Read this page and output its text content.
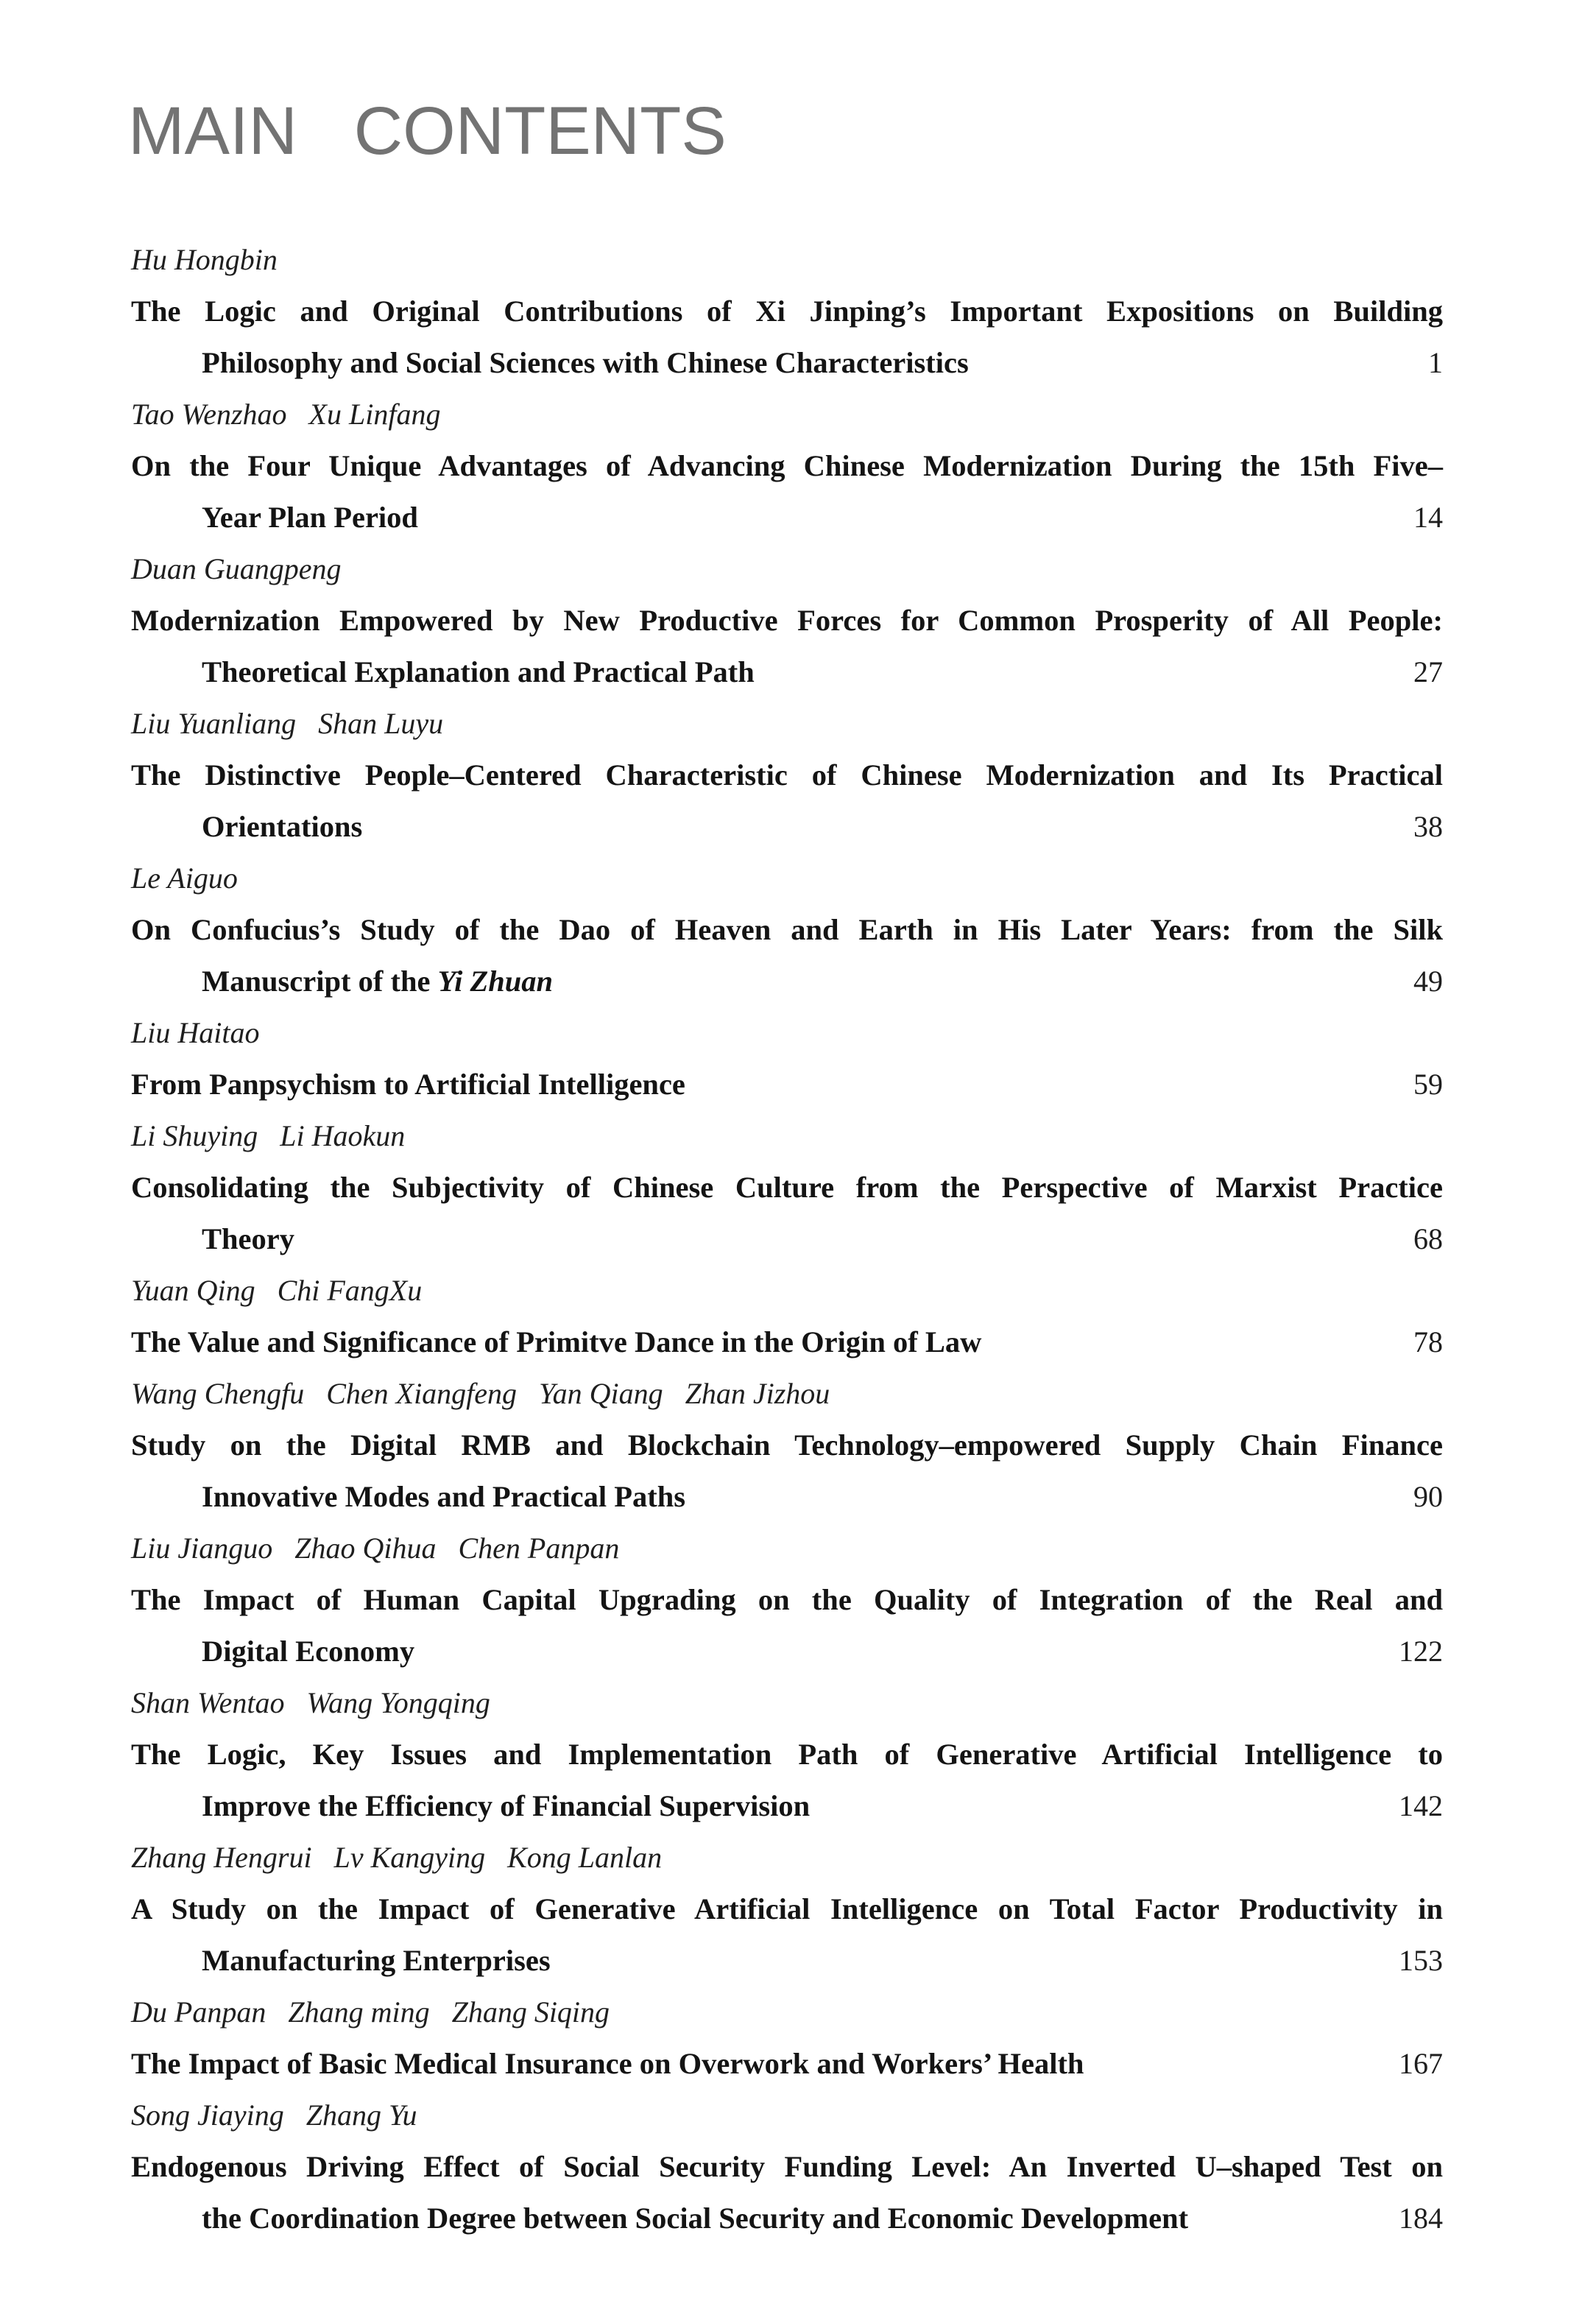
MAIN   CONTENTS
Hu Hongbin
The Logic and Original Contributions of Xi Jinping’s Important Expositions on Building
Philosophy and Social Sciences with Chinese Characteristics	1
Tao Wenzhao   Xu Linfang
On the Four Unique Advantages of Advancing Chinese Modernization During the 15th Five–
Year Plan Period	14
Duan Guangpeng
Modernization Empowered by New Productive Forces for Common Prosperity of All People:
Theoretical Explanation and Practical Path	27
Liu Yuanliang   Shan Luyu
The Distinctive People–Centered Characteristic of Chinese Modernization and Its Practical
Orientations	38
Le Aiguo
On Confucius’s Study of the Dao of Heaven and Earth in His Later Years: from the Silk
Manuscript of the Yi Zhuan	49
Liu Haitao
From Panpsychism to Artificial Intelligence	59
Li Shuying   Li Haokun
Consolidating the Subjectivity of Chinese Culture from the Perspective of Marxist Practice
Theory	68
Yuan Qing   Chi FangXu
The Value and Significance of Primitve Dance in the Origin of Law	78
Wang Chengfu   Chen Xiangfeng   Yan Qiang   Zhan Jizhou
Study on the Digital RMB and Blockchain Technology–empowered Supply Chain Finance
Innovative Modes and Practical Paths	90
Liu Jianguo   Zhao Qihua   Chen Panpan
The Impact of Human Capital Upgrading on the Quality of Integration of the Real and
Digital Economy	122
Shan Wentao   Wang Yongqing
The Logic, Key Issues and Implementation Path of Generative Artificial Intelligence to
Improve the Efficiency of Financial Supervision	142
Zhang Hengrui   Lv Kangying   Kong Lanlan
A Study on the Impact of Generative Artificial Intelligence on Total Factor Productivity in
Manufacturing Enterprises	153
Du Panpan   Zhang ming   Zhang Siqing
The Impact of Basic Medical Insurance on Overwork and Workers’ Health	167
Song Jiaying   Zhang Yu
Endogenous Driving Effect of Social Security Funding Level: An Inverted U–shaped Test on
the Coordination Degree between Social Security and Economic Development	184
